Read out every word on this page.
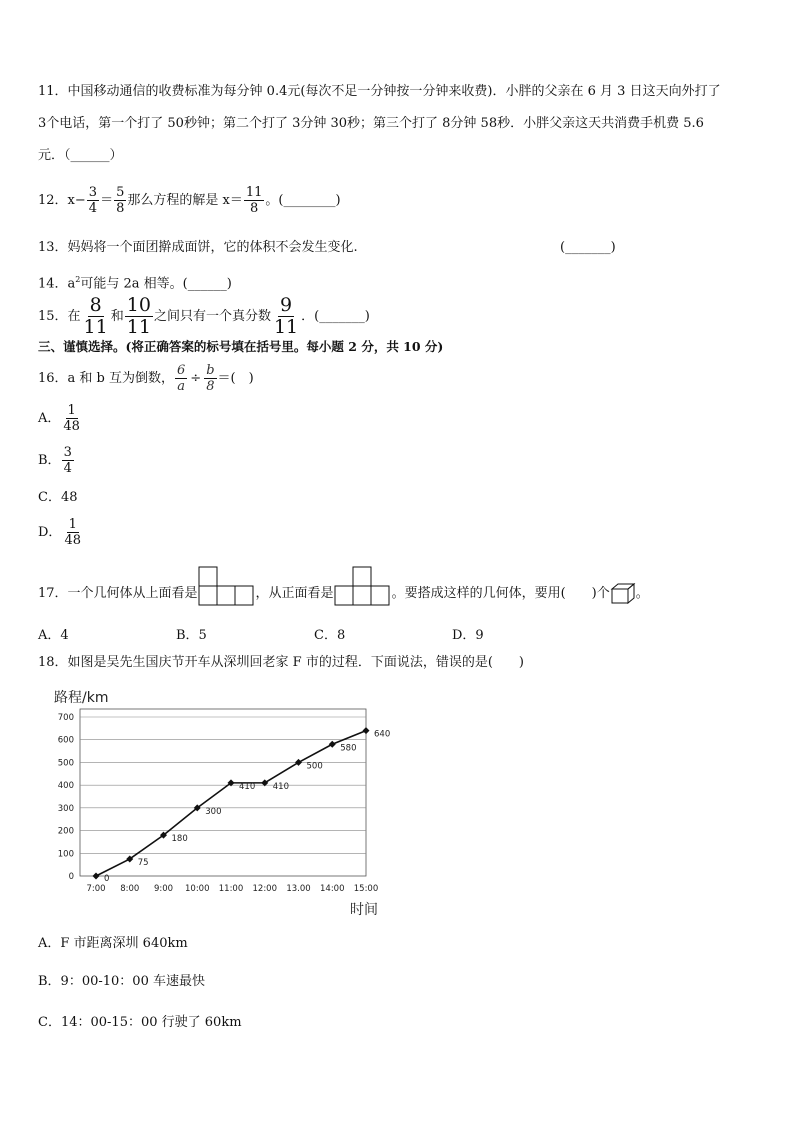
11．中国移动通信的收费标准为每分钟 0.4元(每次不足一分钟按一分钟来收费)．小胖的父亲在 6 月 3 日这天向外打了
3个电话，第一个打了 50秒钟；第二个打了 3分钟 30秒；第三个打了 8分钟 58秒．小胖父亲这天共消费手机费 5.6
元．（______）
12．$x- \frac{3}{4} = \frac{5}{8}$ 那么方程的解是 $x= \frac{11}{8}$ 。(________)
13．妈妈将一个面团擀成面饼，它的体积不会发生变化.	(_______)
14．$a^2$可能与 2a 相等。(______)
15．在 $\frac{8}{11}$ 和 $\frac{10}{11}$ 之间只有一个真分数 $\frac{9}{11}$ ．(_______)
三、谨慎选择。(将正确答案的标号填在括号里。每小题 2 分，共 10 分)
16．a 和 b 互为倒数， $\frac{6}{a} \div \frac{b}{8}$ ＝(　)
A． $\frac{1}{48}$
B． $\frac{3}{4}$
C．48
D． $\frac{1}{48}$
17．一个几何体从上面看是	，从正面看是	。要搭成这样的几何体，要用(　　)个 。
A．4	B．5	C．8	D．9
18．如图是吴先生国庆节开车从深圳回老家 F 市的过程．下面说法，错误的是(　　)
路程/km
时间
0
100
200
300
400
500
600
700
7:00 8:00 9:00 10:00 11:00 12:00 13.00 14:00 15:00
0
75
180
300
410 410
500
580
640
A．F 市距离深圳 640km
B．9：00-10：00 车速最快
C．14：00-15：00 行驶了 60km
